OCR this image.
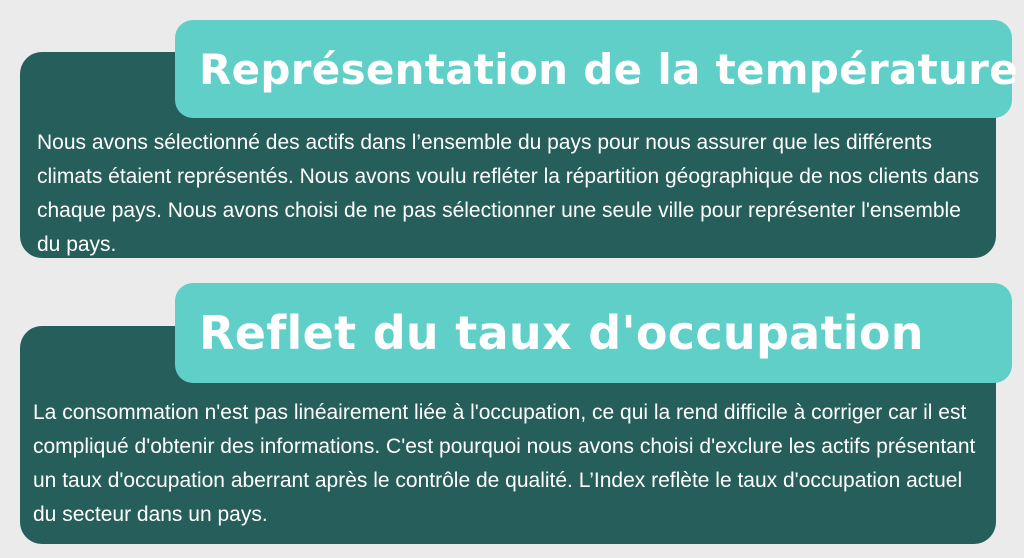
Représentation de la température

Nous avons sélectionné des actifs dans l’ensemble du pays pour nous assurer que les différents climats étaient représentés. Nous avons voulu refléter la répartition géographique de nos clients dans chaque pays. Nous avons choisi de ne pas sélectionner une seule ville pour représenter l'ensemble du pays.

Reflet du taux d'occupation

La consommation n'est pas linéairement liée à l'occupation, ce qui la rend difficile à corriger car il est compliqué d'obtenir des informations. C'est pourquoi nous avons choisi d'exclure les actifs présentant un taux d'occupation aberrant après le contrôle de qualité. L’Index reflète le taux d'occupation actuel du secteur dans un pays.
